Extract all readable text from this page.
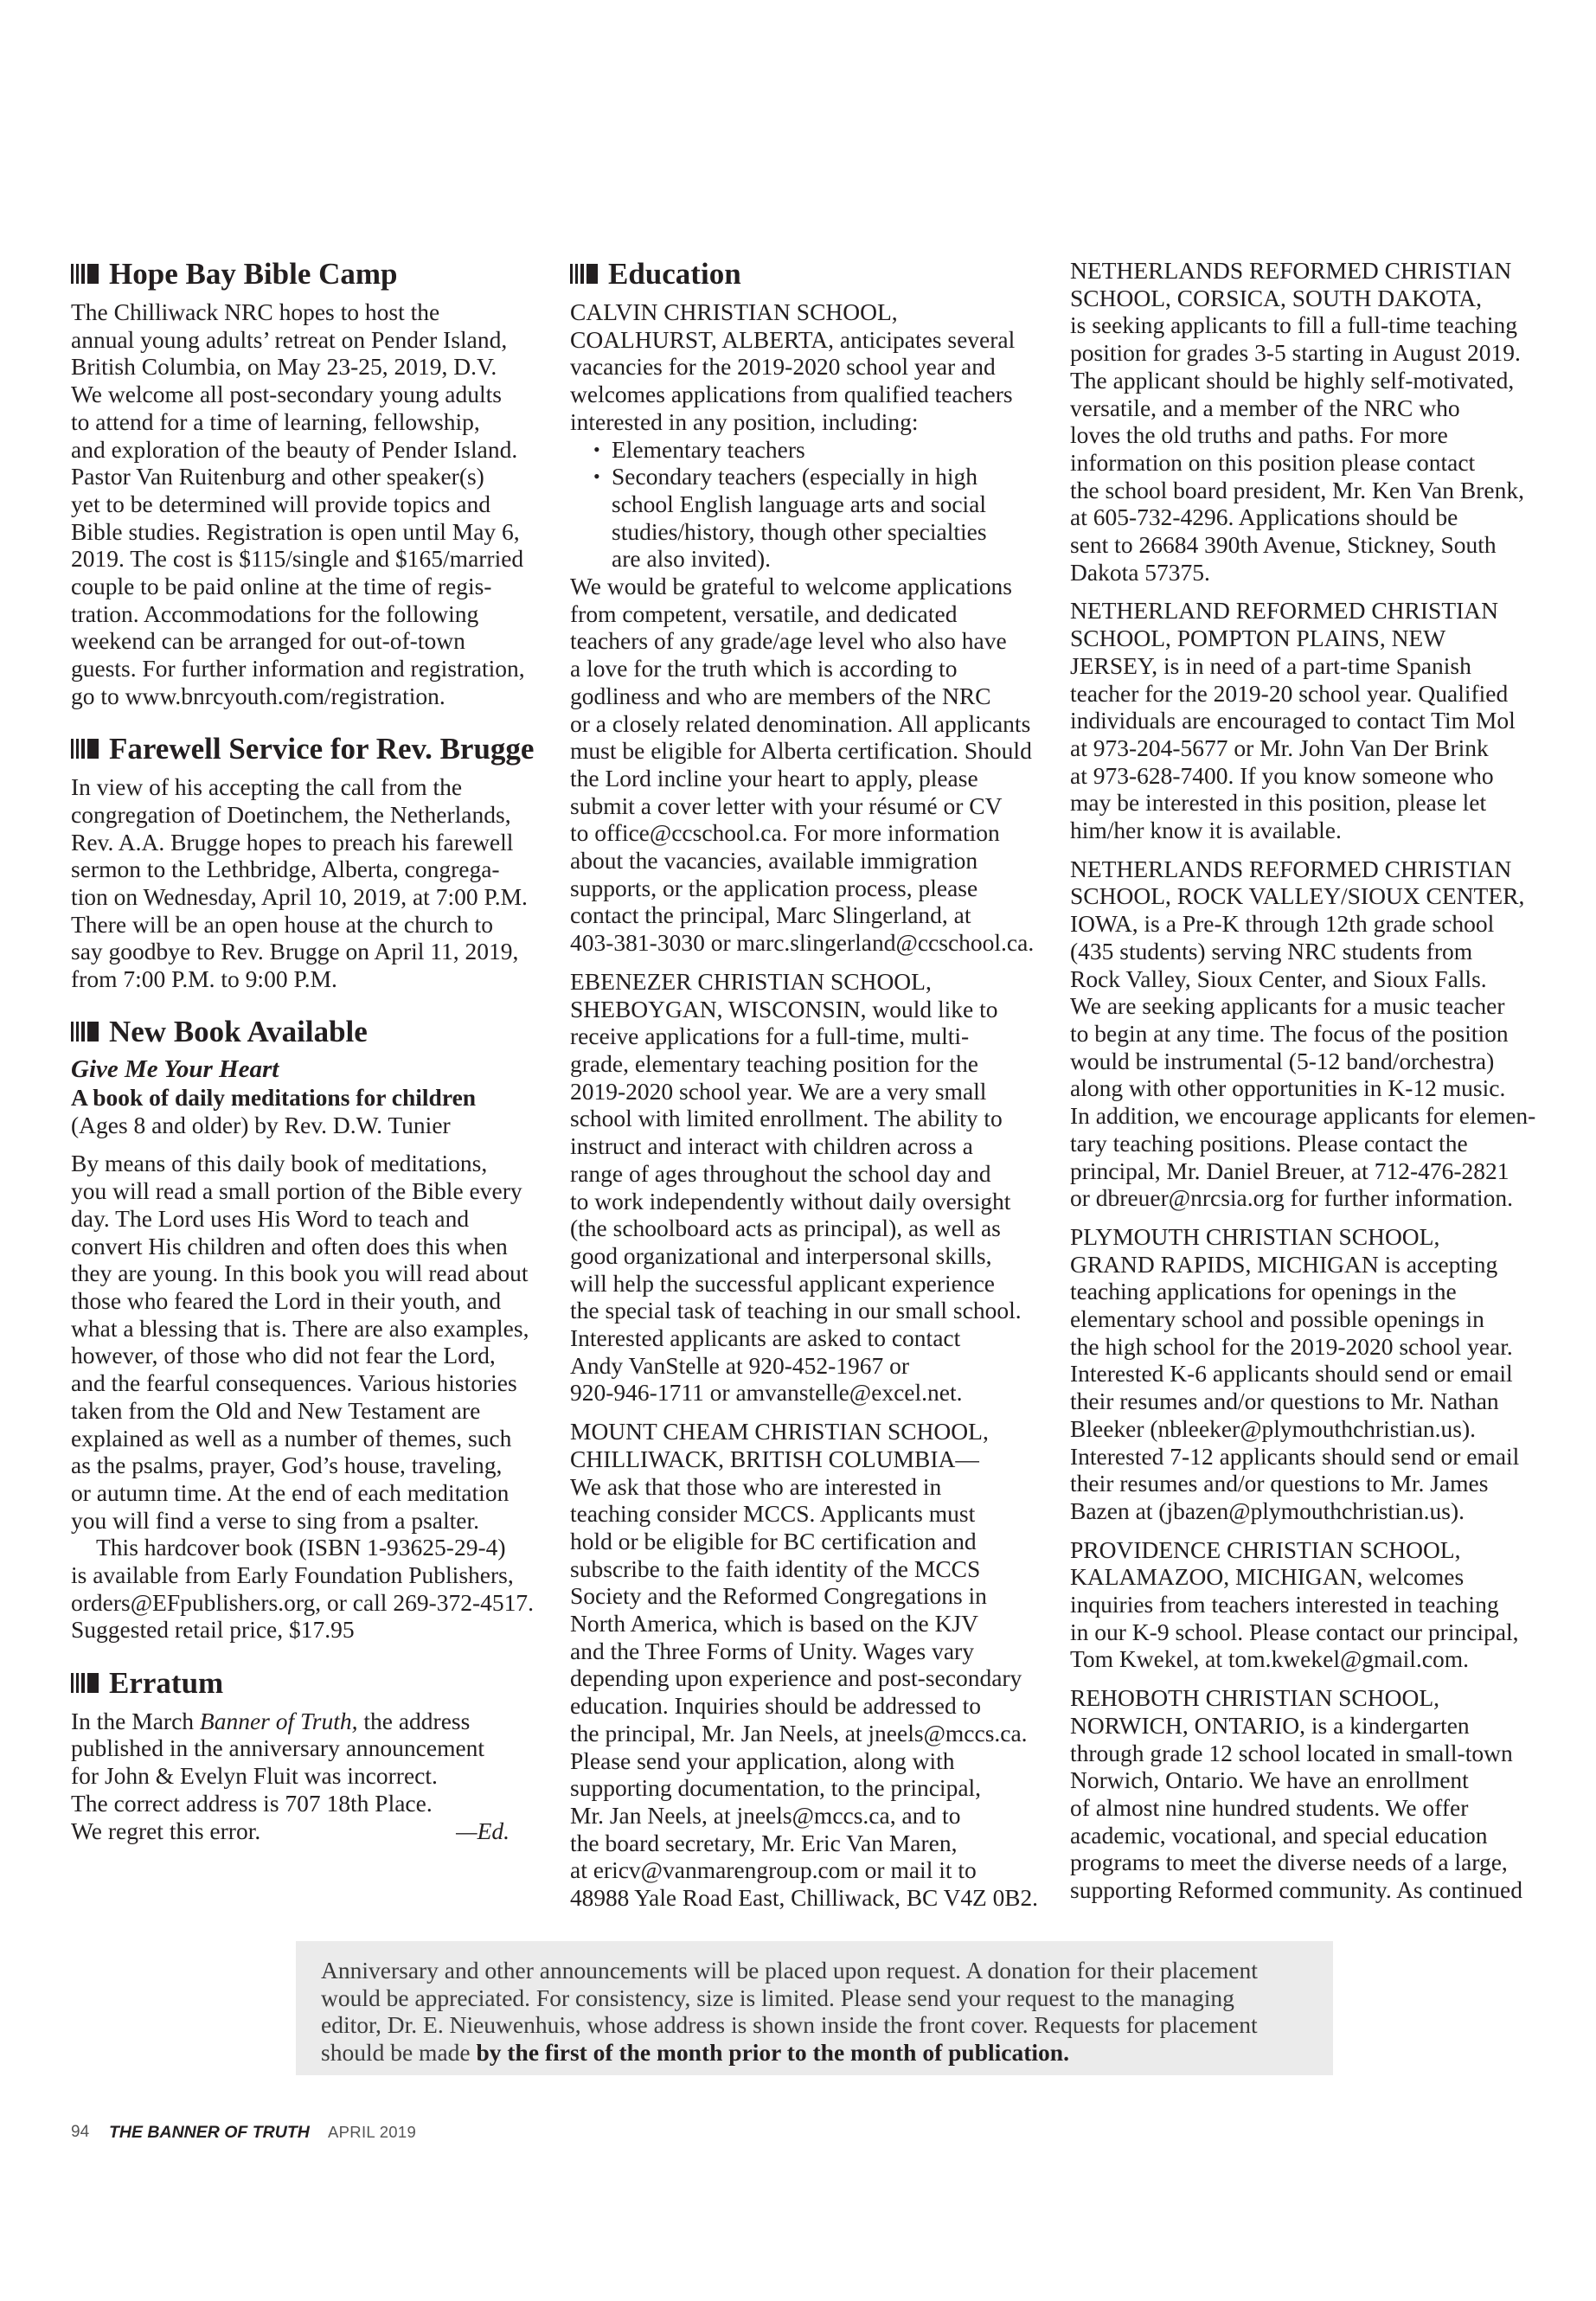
Hope Bay Bible Camp
The Chilliwack NRC hopes to host the
annual young adults’ retreat on Pender Island,
British Columbia, on May 23-25, 2019, D.V.
We welcome all post-secondary young adults
to attend for a time of learning, fellowship,
and exploration of the beauty of Pender Island.
Pastor Van Ruitenburg and other speaker(s)
yet to be determined will provide topics and
Bible studies. Registration is open until May 6,
2019. The cost is $115/single and $165/married
couple to be paid online at the time of regis-
tration. Accommodations for the following
weekend can be arranged for out-of-town
guests. For further information and registration,
go to www.bnrcyouth.com/registration.
Farewell Service for Rev. Brugge
In view of his accepting the call from the
congregation of Doetinchem, the Netherlands,
Rev. A.A. Brugge hopes to preach his farewell
sermon to the Lethbridge, Alberta, congrega-
tion on Wednesday, April 10, 2019, at 7:00 P.M.
There will be an open house at the church to
say goodbye to Rev. Brugge on April 11, 2019,
from 7:00 P.M. to 9:00 P.M.
New Book Available
Give Me Your Heart
A book of daily meditations for children
(Ages 8 and older) by Rev. D.W. Tunier
By means of this daily book of meditations,
you will read a small portion of the Bible every
day. The Lord uses His Word to teach and
convert His children and often does this when
they are young. In this book you will read about
those who feared the Lord in their youth, and
what a blessing that is. There are also examples,
however, of those who did not fear the Lord,
and the fearful consequences. Various histories
taken from the Old and New Testament are
explained as well as a number of themes, such
as the psalms, prayer, God’s house, traveling,
or autumn time. At the end of each meditation
you will find a verse to sing from a psalter.
This hardcover book (ISBN 1-93625-29-4)
is available from Early Foundation Publishers,
orders@EFpublishers.org, or call 269-372-4517.
Suggested retail price, $17.95
Erratum
In the March Banner of Truth, the address
published in the anniversary announcement
for John & Evelyn Fluit was incorrect.
The correct address is 707 18th Place.
We regret this error.	—Ed.
Education
CALVIN CHRISTIAN SCHOOL,
COALHURST, ALBERTA, anticipates several
vacancies for the 2019-2020 school year and
welcomes applications from qualified teachers
interested in any position, including:
• Elementary teachers
• Secondary teachers (especially in high
school English language arts and social
studies/history, though other specialties
are also invited).
We would be grateful to welcome applications
from competent, versatile, and dedicated
teachers of any grade/age level who also have
a love for the truth which is according to
godliness and who are members of the NRC
or a closely related denomination. All applicants
must be eligible for Alberta certification. Should
the Lord incline your heart to apply, please
submit a cover letter with your résumé or CV
to office@ccschool.ca. For more information
about the vacancies, available immigration
supports, or the application process, please
contact the principal, Marc Slingerland, at
403-381-3030 or marc.slingerland@ccschool.ca.
EBENEZER CHRISTIAN SCHOOL,
SHEBOYGAN, WISCONSIN, would like to
receive applications for a full-time, multi-
grade, elementary teaching position for the
2019-2020 school year. We are a very small
school with limited enrollment. The ability to
instruct and interact with children across a
range of ages throughout the school day and
to work independently without daily oversight
(the schoolboard acts as principal), as well as
good organizational and interpersonal skills,
will help the successful applicant experience
the special task of teaching in our small school.
Interested applicants are asked to contact
Andy VanStelle at 920-452-1967 or
920-946-1711 or amvanstelle@excel.net.
MOUNT CHEAM CHRISTIAN SCHOOL,
CHILLIWACK, BRITISH COLUMBIA—
We ask that those who are interested in
teaching consider MCCS. Applicants must
hold or be eligible for BC certification and
subscribe to the faith identity of the MCCS
Society and the Reformed Congregations in
North America, which is based on the KJV
and the Three Forms of Unity. Wages vary
depending upon experience and post-secondary
education. Inquiries should be addressed to
the principal, Mr. Jan Neels, at jneels@mccs.ca.
Please send your application, along with
supporting documentation, to the principal,
Mr. Jan Neels, at jneels@mccs.ca, and to
the board secretary, Mr. Eric Van Maren,
at ericv@vanmarengroup.com or mail it to
48988 Yale Road East, Chilliwack, BC V4Z 0B2.
NETHERLANDS REFORMED CHRISTIAN
SCHOOL, CORSICA, SOUTH DAKOTA,
is seeking applicants to fill a full-time teaching
position for grades 3-5 starting in August 2019.
The applicant should be highly self-motivated,
versatile, and a member of the NRC who
loves the old truths and paths. For more
information on this position please contact
the school board president, Mr. Ken Van Brenk,
at 605-732-4296. Applications should be
sent to 26684 390th Avenue, Stickney, South
Dakota 57375.
NETHERLAND REFORMED CHRISTIAN
SCHOOL, POMPTON PLAINS, NEW
JERSEY, is in need of a part-time Spanish
teacher for the 2019-20 school year. Qualified
individuals are encouraged to contact Tim Mol
at 973-204-5677 or Mr. John Van Der Brink
at 973-628-7400. If you know someone who
may be interested in this position, please let
him/her know it is available.
NETHERLANDS REFORMED CHRISTIAN
SCHOOL, ROCK VALLEY/SIOUX CENTER,
IOWA, is a Pre-K through 12th grade school
(435 students) serving NRC students from
Rock Valley, Sioux Center, and Sioux Falls.
We are seeking applicants for a music teacher
to begin at any time. The focus of the position
would be instrumental (5-12 band/orchestra)
along with other opportunities in K-12 music.
In addition, we encourage applicants for elemen-
tary teaching positions. Please contact the
principal, Mr. Daniel Breuer, at 712-476-2821
or dbreuer@nrcsia.org for further information.
PLYMOUTH CHRISTIAN SCHOOL,
GRAND RAPIDS, MICHIGAN is accepting
teaching applications for openings in the
elementary school and possible openings in
the high school for the 2019-2020 school year.
Interested K-6 applicants should send or email
their resumes and/or questions to Mr. Nathan
Bleeker (nbleeker@plymouthchristian.us).
Interested 7-12 applicants should send or email
their resumes and/or questions to Mr. James
Bazen at (jbazen@plymouthchristian.us).
PROVIDENCE CHRISTIAN SCHOOL,
KALAMAZOO, MICHIGAN, welcomes
inquiries from teachers interested in teaching
in our K-9 school. Please contact our principal,
Tom Kwekel, at tom.kwekel@gmail.com.
REHOBOTH CHRISTIAN SCHOOL,
NORWICH, ONTARIO, is a kindergarten
through grade 12 school located in small-town
Norwich, Ontario. We have an enrollment
of almost nine hundred students. We offer
academic, vocational, and special education
programs to meet the diverse needs of a large,
supporting Reformed community. As continued
Anniversary and other announcements will be placed upon request. A donation for their placement
would be appreciated. For consistency, size is limited. Please send your request to the managing
editor, Dr. E. Nieuwenhuis, whose address is shown inside the front cover. Requests for placement
should be made by the first of the month prior to the month of publication.
94 THE BANNER OF TRUTH APRIL 2019
